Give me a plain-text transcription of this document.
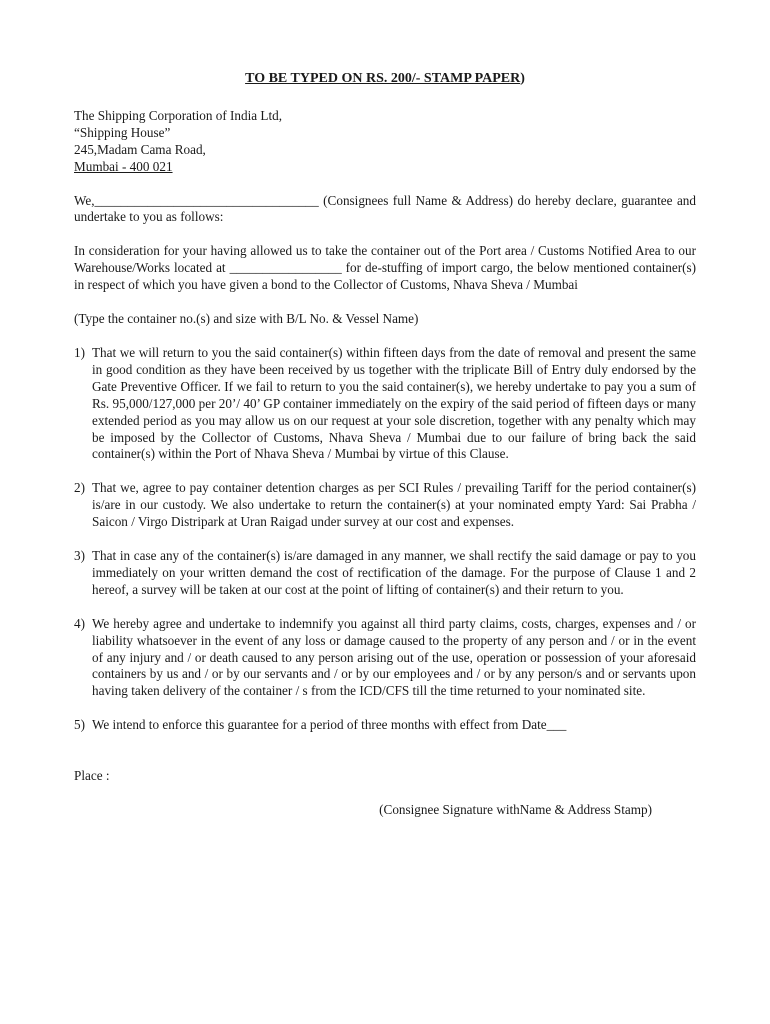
TO BE TYPED ON RS. 200/- STAMP PAPER)
The Shipping Corporation of India Ltd,
“Shipping House”
245,Madam Cama Road,
Mumbai - 400 021

We,__________________________________ (Consignees full Name & Address) do hereby declare, guarantee and undertake to you as follows:

In consideration for your having allowed us to take the container out of the Port area / Customs Notified Area to our Warehouse/Works located at _________________ for de-stuffing of import cargo, the below mentioned container(s) in respect of which you have given a bond to the Collector of Customs, Nhava Sheva / Mumbai

(Type the container no.(s) and size with B/L No. & Vessel Name)

1) That we will return to you the said container(s) within fifteen days from the date of removal and present the same in good condition as they have been received by us together with the triplicate Bill of Entry duly endorsed by the Gate Preventive Officer. If we fail to return to you the said container(s), we hereby undertake to pay you a sum of Rs. 95,000/127,000 per 20’/ 40’ GP container immediately on the expiry of the said period of fifteen days or many extended period as you may allow us on our request at your sole discretion, together with any penalty which may be imposed by the Collector of Customs, Nhava Sheva / Mumbai due to our failure of bring back the said container(s) within the Port of Nhava Sheva / Mumbai by virtue of this Clause.
2) That we, agree to pay container detention charges as per SCI Rules / prevailing Tariff for the period container(s) is/are in our custody. We also undertake to return the container(s) at your nominated empty Yard: Sai Prabha / Saicon / Virgo Distripark at Uran Raigad under survey at our cost and expenses.
3) That in case any of the container(s) is/are damaged in any manner, we shall rectify the said damage or pay to you immediately on your written demand the cost of rectification of the damage. For the purpose of Clause 1 and 2 hereof, a survey will be taken at our cost at the point of lifting of container(s) and their return to you.
4) We hereby agree and undertake to indemnify you against all third party claims, costs, charges, expenses and / or liability whatsoever in the event of any loss or damage caused to the property of any person and / or in the event of any injury and / or death caused to any person arising out of the use, operation or possession of your aforesaid containers by us and / or by our servants and / or by our employees and / or by any person/s and or servants upon having taken delivery of the container / s from the ICD/CFS till the time returned to your nominated site.
5) We intend to enforce this guarantee for a period of three months with effect from Date___
Place :
(Consignee Signature withName & Address Stamp)
